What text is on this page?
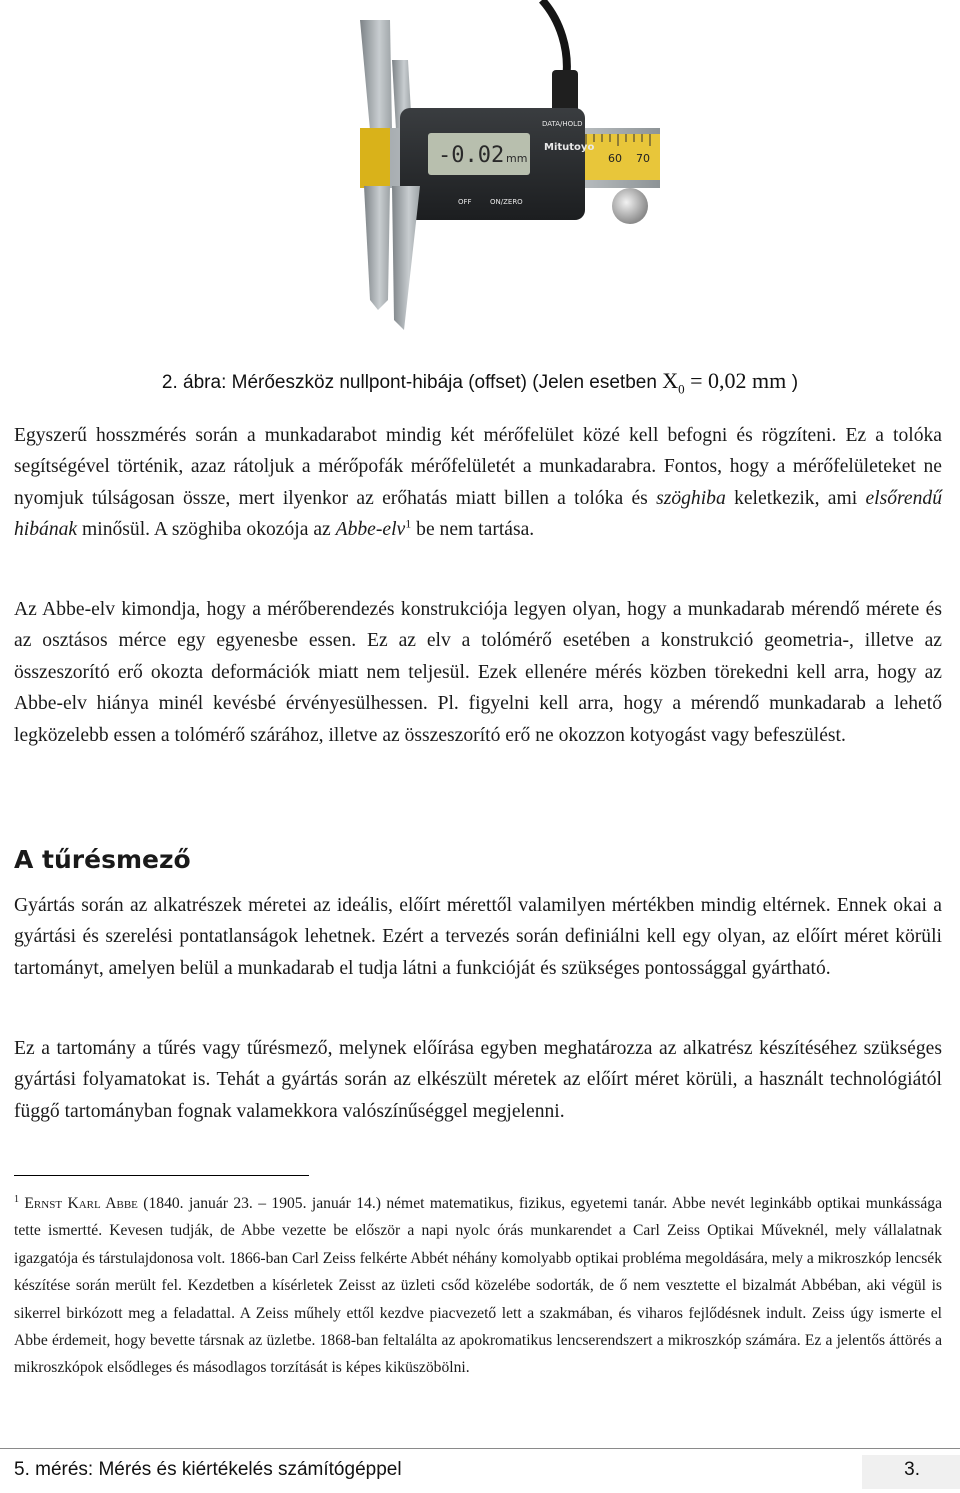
60 70
-0.02 mm
DATA/HOLD
Mitutoyo
OFF	ON/ZERO
2. ábra: Mérőeszköz nullpont-hibája (offset) (Jelen esetben $X_0 = 0,02$ mm )

Egyszerű hosszmérés során a munkadarabot mindig két mérőfelület közé kell befogni és rögzíteni. Ez a tolóka segítségével történik, azaz rátoljuk a mérőpofák mérőfelületét a munkadarabra. Fontos, hogy a mérőfelületeket ne nyomjuk túlságosan össze, mert ilyenkor az erőhatás miatt billen a tolóka és szöghiba keletkezik, ami elsőrendű hibának minősül. A szöghiba okozója az Abbe-elv$^1$ be nem tartása.

Az Abbe-elv kimondja, hogy a mérőberendezés konstrukciója legyen olyan, hogy a munkadarab mérendő mérete és az osztásos mérce egy egyenesbe essen. Ez az elv a tolómérő esetében a konstrukció geometria-, illetve az összeszorító erő okozta deformációk miatt nem teljesül. Ezek ellenére mérés közben törekedni kell arra, hogy az Abbe-elv hiánya minél kevésbé érvényesülhessen. Pl. figyelni kell arra, hogy a mérendő munkadarab a lehető legközelebb essen a tolómérő szárához, illetve az összeszorító erő ne okozzon kotyogást vagy befeszülést.

A tűrésmező

Gyártás során az alkatrészek méretei az ideális, előírt mérettől valamilyen mértékben mindig eltérnek. Ennek okai a gyártási és szerelési pontatlanságok lehetnek. Ezért a tervezés során definiálni kell egy olyan, az előírt méret körüli tartományt, amelyen belül a munkadarab el tudja látni a funkcióját és szükséges pontossággal gyártható.

Ez a tartomány a tűrés vagy tűrésmező, melynek előírása egyben meghatározza az alkatrész készítéséhez szükséges gyártási folyamatokat is. Tehát a gyártás során az elkészült méretek az előírt méret körüli, a használt technológiától függő tartományban fognak valamekkora valószínűséggel megjelenni.

$^1$ Ernst Karl Abbe (1840. január 23. – 1905. január 14.) német matematikus, fizikus, egyetemi tanár. Abbe nevét leginkább optikai munkássága tette ismertté. Kevesen tudják, de Abbe vezette be először a napi nyolc órás munkarendet a Carl Zeiss Optikai Műveknél, mely vállalatnak igazgatója és társtulajdonosa volt. 1866-ban Carl Zeiss felkérte Abbét néhány komolyabb optikai probléma megoldására, mely a mikroszkóp lencsék készítése során merült fel. Kezdetben a kísérletek Zeisst az üzleti csőd közelébe sodorták, de ő nem vesztette el bizalmát Abbéban, aki végül is sikerrel birkózott meg a feladattal. A Zeiss műhely ettől kezdve piacvezető lett a szakmában, és viharos fejlődésnek indult. Zeiss úgy ismerte el Abbe érdemeit, hogy bevette társnak az üzletbe. 1868-ban feltalálta az apokromatikus lencserendszert a mikroszkóp számára. Ez a jelentős áttörés a mikroszkópok elsődleges és másodlagos torzítását is képes kiküszöbölni.

5. mérés: Mérés és kiértékelés számítógéppel	3.
